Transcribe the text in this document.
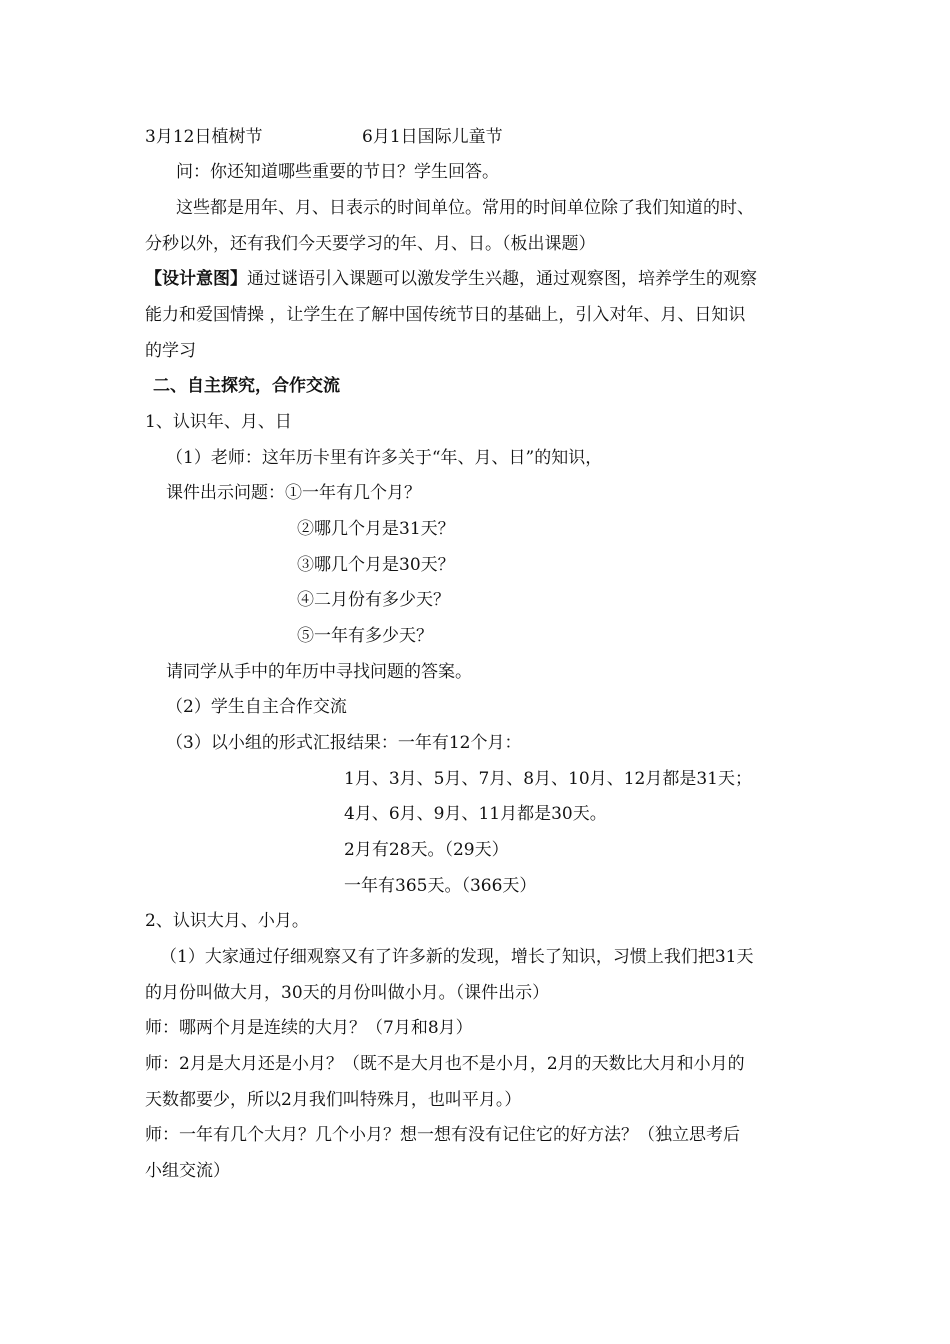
3月12日植树节	6月1日国际儿童节
问：你还知道哪些重要的节日？学生回答。
这些都是用年、月、日表示的时间单位。常用的时间单位除了我们知道的时、
分秒以外，还有我们今天要学习的年、月、日。（板出课题）
【设计意图】通过谜语引入课题可以激发学生兴趣，通过观察图，培养学生的观察
能力和爱国情操 ，让学生在了解中国传统节日的基础上，引入对年、月、日知识
的学习
二、自主探究，合作交流
1、认识年、月、日
（1）老师：这年历卡里有许多关于“年、月、日”的知识，
课件出示问题：①一年有几个月？
②哪几个月是31天？
③哪几个月是30天？
④二月份有多少天？
⑤一年有多少天？
请同学从手中的年历中寻找问题的答案。
（2）学生自主合作交流
（3）以小组的形式汇报结果：一年有12个月：
1月、3月、5月、7月、8月、10月、12月都是31天；
4月、6月、9月、11月都是30天。
2月有28天。（29天）
一年有365天。（366天）
2、认识大月、小月。
（1）大家通过仔细观察又有了许多新的发现，增长了知识，习惯上我们把31天
的月份叫做大月，30天的月份叫做小月。（课件出示）
师：哪两个月是连续的大月？（7月和8月）
师：2月是大月还是小月？（既不是大月也不是小月，2月的天数比大月和小月的
天数都要少，所以2月我们叫特殊月，也叫平月。）
师：一年有几个大月？几个小月？想一想有没有记住它的好方法？（独立思考后
小组交流）
